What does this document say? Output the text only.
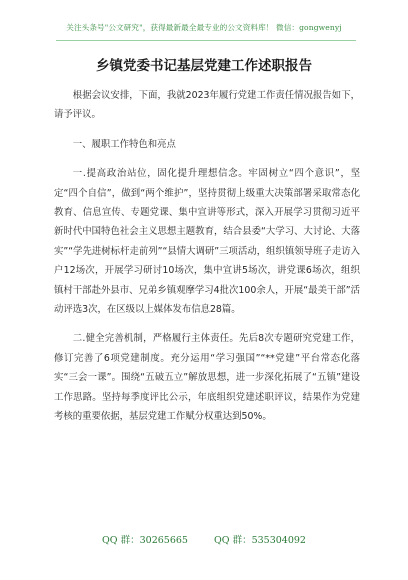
关注头条号"公文研究"，获得最新最全最专业的公文资料库！ 微信：gongwenyj
乡镇党委书记基层党建工作述职报告

根据会议安排，下面，我就2023年履行党建工作责任情况报告如下，请予评议。

一、履职工作特色和亮点

一.提高政治站位，固化提升理想信念。牢固树立“四个意识”，坚定“四个自信”，做到“两个维护”，坚持贯彻上级重大决策部署采取常态化教育、信息宣传、专题党课、集中宣讲等形式，深入开展学习贯彻习近平新时代中国特色社会主义思想主题教育，结合县委“大学习、大讨论、大落实”“学先进树标杆走前列”“县情大调研”三项活动，组织镇领导班子走访入户12场次，开展学习研讨10场次，集中宣讲5场次，讲党课6场次，组织镇村干部赴外县市、兄弟乡镇观摩学习4批次100余人，开展“最美干部”活动评选3次，在区级以上媒体发布信息28篇。

二.健全完善机制，严格履行主体责任。先后8次专题研究党建工作，修订完善了6项党建制度。充分运用“学习强国”“**党建”平台常态化落实“三会一课”。围绕“五破五立”解放思想，进一步深化拓展了“五镇”建设工作思路。坚持每季度评比公示，年底组织党建述职评议，结果作为党建考核的重要依据，基层党建工作赋分权重达到50%。

QQ 群：30265665	QQ 群：535304092
